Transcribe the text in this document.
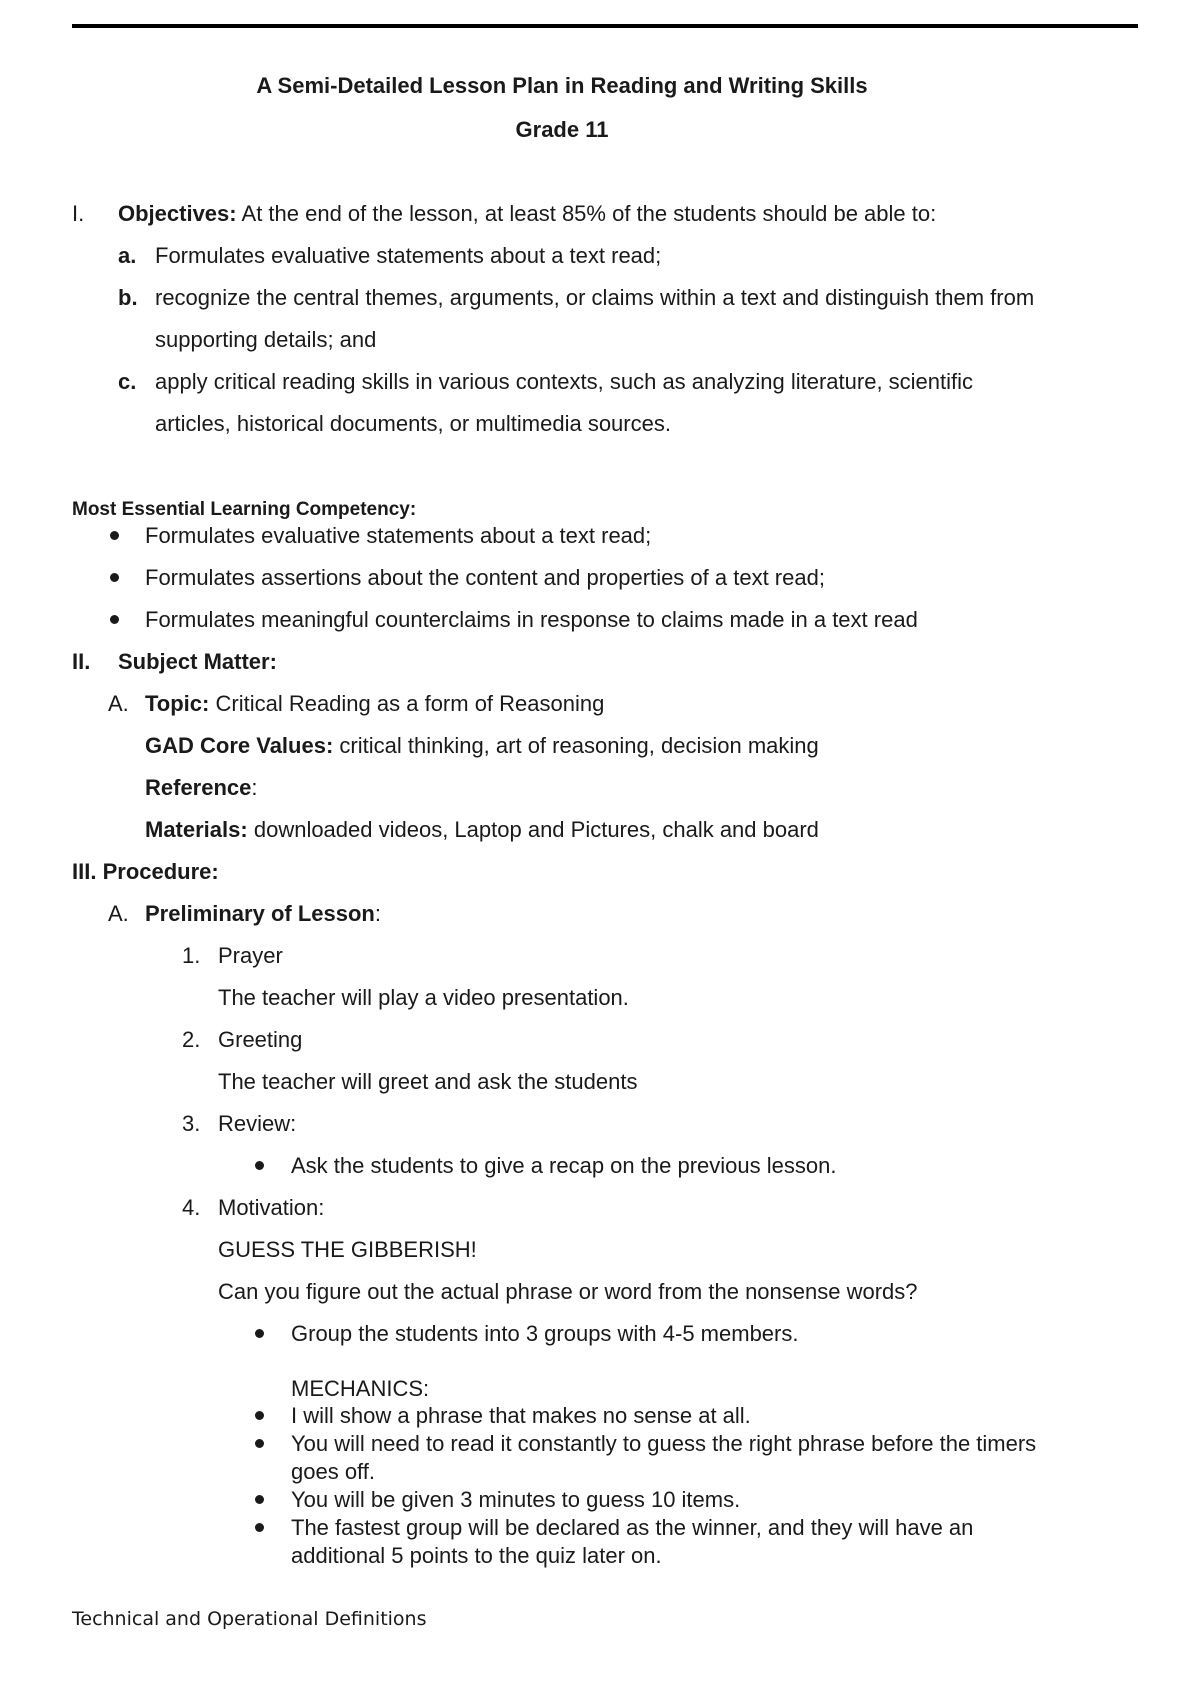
A Semi-Detailed Lesson Plan in Reading and Writing Skills
Grade 11
I. Objectives: At the end of the lesson, at least 85% of the students should be able to:
a. Formulates evaluative statements about a text read;
b. recognize the central themes, arguments, or claims within a text and distinguish them from
supporting details; and
c. apply critical reading skills in various contexts, such as analyzing literature, scientific
articles, historical documents, or multimedia sources.
Most Essential Learning Competency:
Formulates evaluative statements about a text read;
Formulates assertions about the content and properties of a text read;
Formulates meaningful counterclaims in response to claims made in a text read
II. Subject Matter:
A. Topic: Critical Reading as a form of Reasoning
GAD Core Values: critical thinking, art of reasoning, decision making
Reference:
Materials: downloaded videos, Laptop and Pictures, chalk and board
III. Procedure:
A. Preliminary of Lesson:
1. Prayer
The teacher will play a video presentation.
2. Greeting
The teacher will greet and ask the students
3. Review:
Ask the students to give a recap on the previous lesson.
4. Motivation:
GUESS THE GIBBERISH!
Can you figure out the actual phrase or word from the nonsense words?
Group the students into 3 groups with 4-5 members.
MECHANICS:
I will show a phrase that makes no sense at all.
You will need to read it constantly to guess the right phrase before the timers
goes off.
You will be given 3 minutes to guess 10 items.
The fastest group will be declared as the winner, and they will have an
additional 5 points to the quiz later on.
Technical and Operational Definitions
